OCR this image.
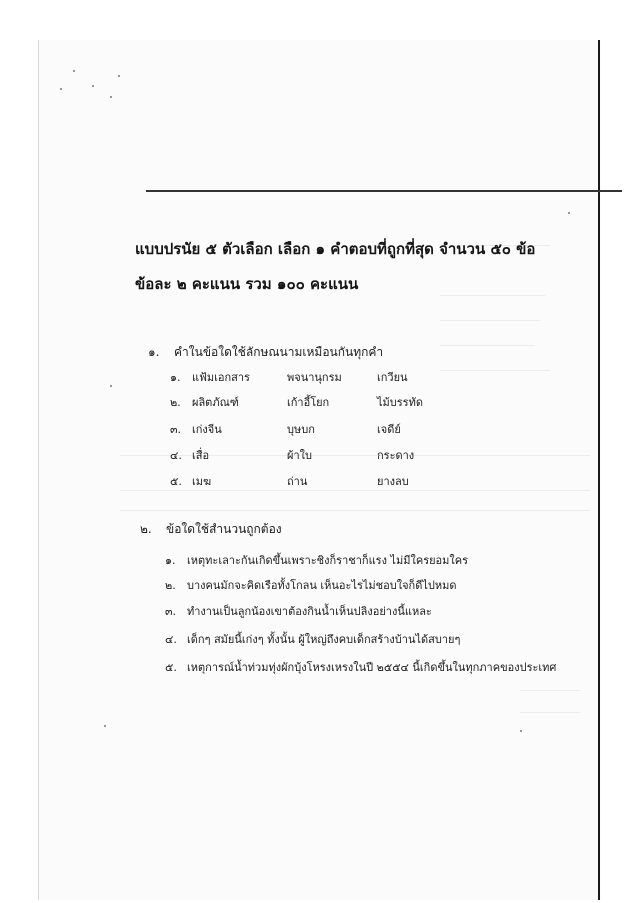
แบบปรนัย ๕ ตัวเลือก เลือก ๑ คำตอบที่ถูกที่สุด จำนวน ๕๐ ข้อ
ข้อละ ๒ คะแนน รวม ๑๐๐ คะแนน
๑. คำในข้อใดใช้ลักษณนามเหมือนกันทุกคำ
๑. แฟ้มเอกสาร	พจนานุกรม	เกวียน
๒. ผลิตภัณฑ์	เก้าอี้โยก	ไม้บรรทัด
๓. เก่งจีน	บุษบก	เจดีย์
๔. เสื่อ	ผ้าใบ	กระดาง
๕. เมฆ	ถ่าน	ยางลบ
๒. ข้อใดใช้สำนวนถูกต้อง
๑. เหตุทะเลาะกันเกิดขึ้นเพราะชิงก็ราชาก็แรง ไม่มีใครยอมใคร
๒. บางคนมักจะคิดเรือทั้งโกลน เห็นอะไรไม่ชอบใจก็ดีไปหมด
๓. ทำงานเป็นลูกน้องเขาต้องกินน้ำเห็นปลิงอย่างนี้แหละ
๔. เด็กๆ สมัยนี้เก่งๆ ทั้งนั้น ผู้ใหญ่ถึงคบเด็กสร้างบ้านได้สบายๆ
๕. เหตุการณ์น้ำท่วมทุ่งผักบุ้งโหรงเหรงในปี ๒๕๕๔ นี้เกิดขึ้นในทุกภาคของประเทศ
